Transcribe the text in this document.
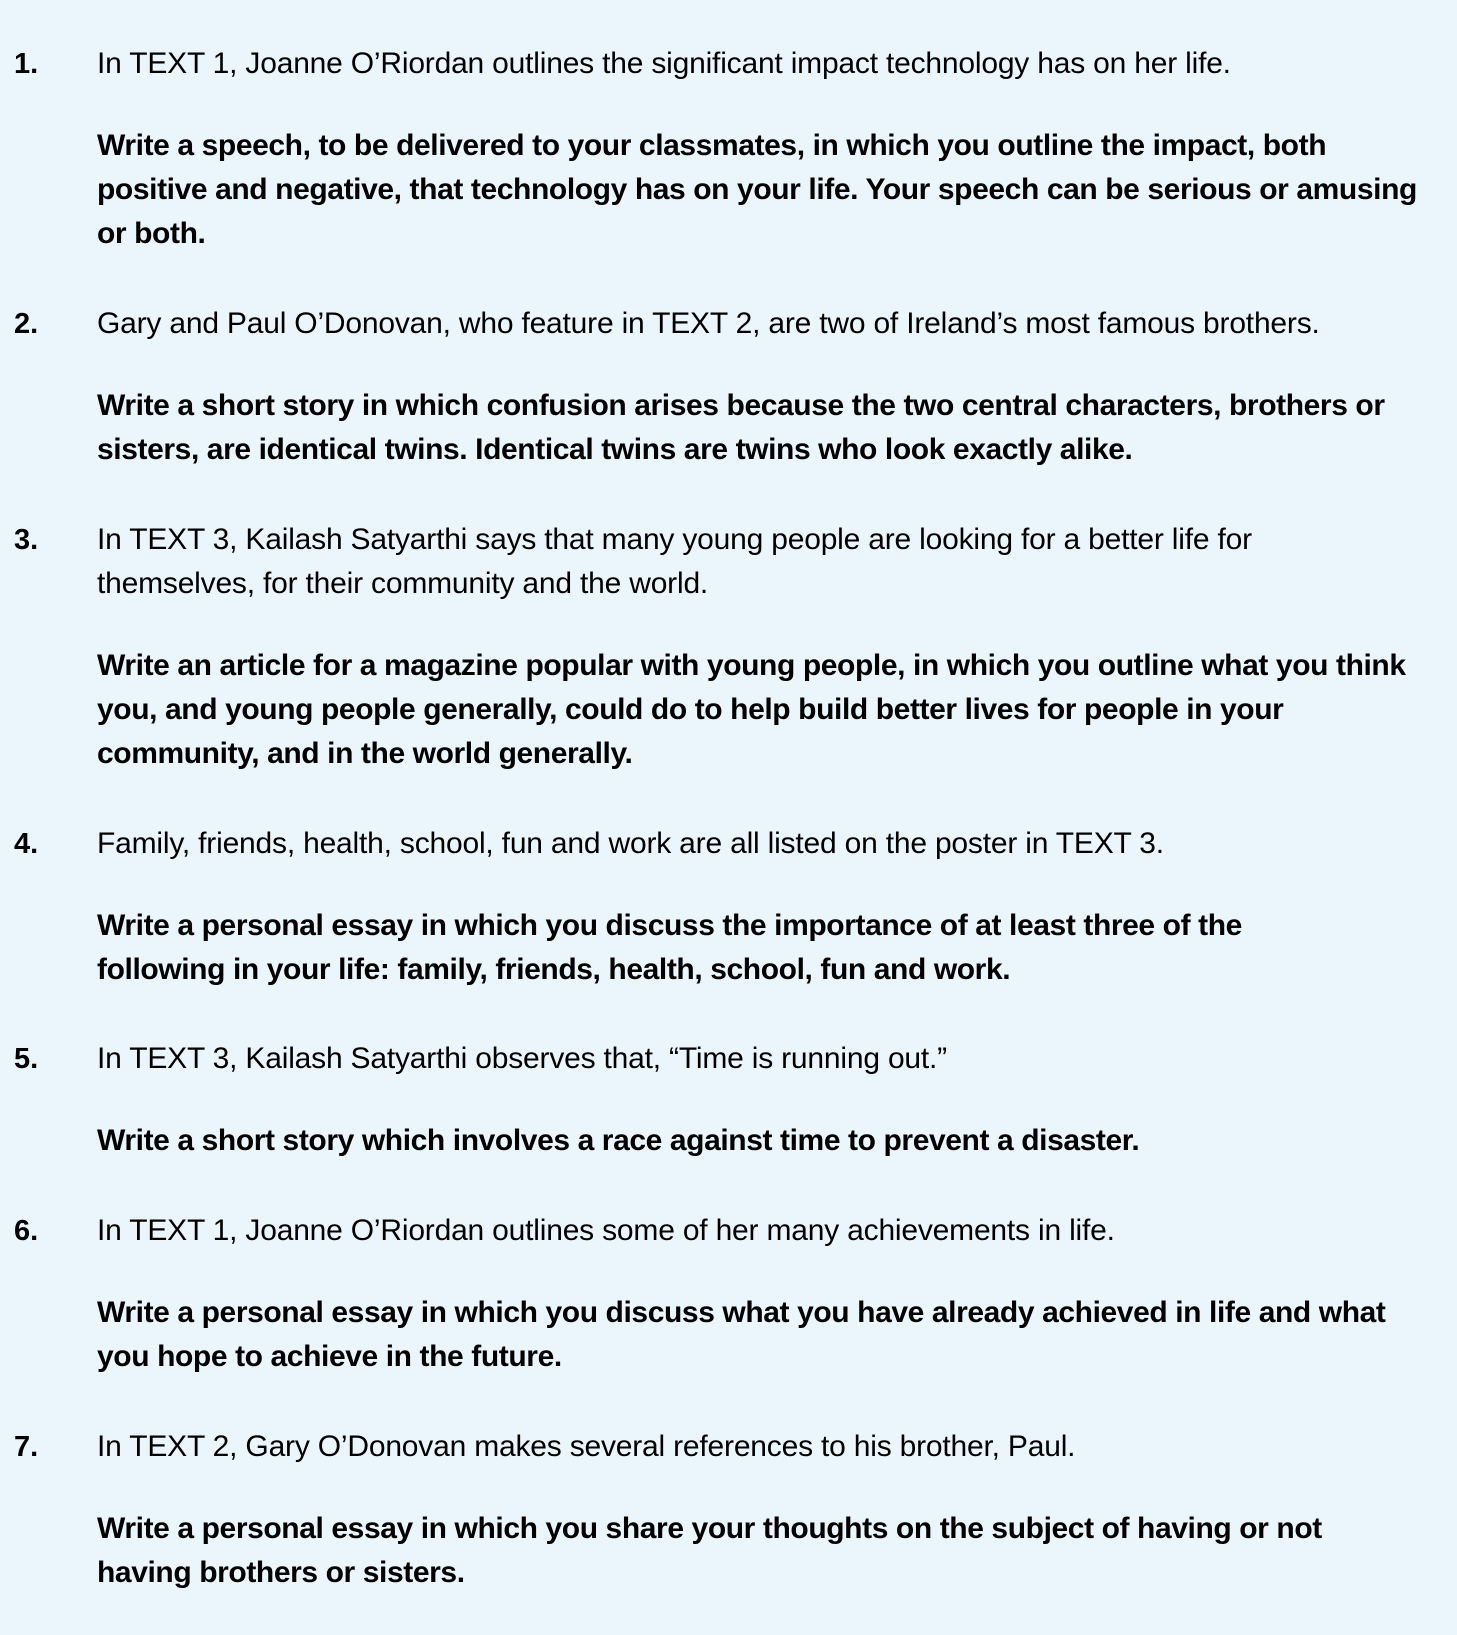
1. In TEXT 1, Joanne O’Riordan outlines the significant impact technology has on her life.

Write a speech, to be delivered to your classmates, in which you outline the impact, both positive and negative, that technology has on your life. Your speech can be serious or amusing or both.

2. Gary and Paul O’Donovan, who feature in TEXT 2, are two of Ireland’s most famous brothers.

Write a short story in which confusion arises because the two central characters, brothers or sisters, are identical twins. Identical twins are twins who look exactly alike.

3. In TEXT 3, Kailash Satyarthi says that many young people are looking for a better life for themselves, for their community and the world.

Write an article for a magazine popular with young people, in which you outline what you think you, and young people generally, could do to help build better lives for people in your community, and in the world generally.

4. Family, friends, health, school, fun and work are all listed on the poster in TEXT 3.

Write a personal essay in which you discuss the importance of at least three of the following in your life: family, friends, health, school, fun and work.

5. In TEXT 3, Kailash Satyarthi observes that, “Time is running out.”

Write a short story which involves a race against time to prevent a disaster.

6. In TEXT 1, Joanne O’Riordan outlines some of her many achievements in life.

Write a personal essay in which you discuss what you have already achieved in life and what you hope to achieve in the future.

7. In TEXT 2, Gary O’Donovan makes several references to his brother, Paul.

Write a personal essay in which you share your thoughts on the subject of having or not having brothers or sisters.
